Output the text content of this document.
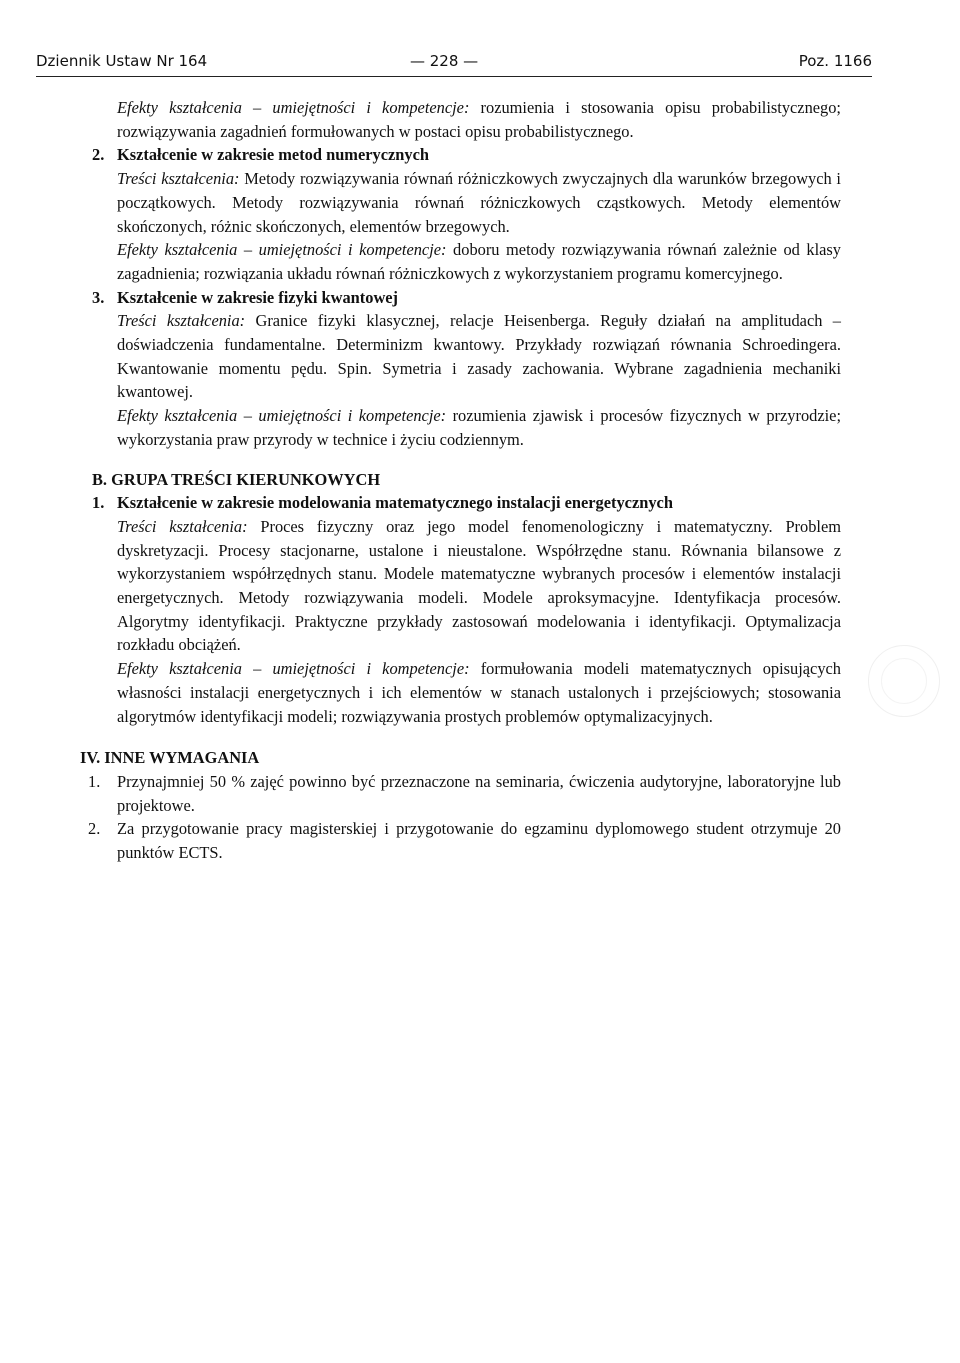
Dziennik Ustaw Nr 164	— 228 —	Poz. 1166

Efekty kształcenia – umiejętności i kompetencje: rozumienia i stosowania opisu probabilistycznego; rozwiązywania zagadnień formułowanych w postaci opisu probabilistycznego.

2. Kształcenie w zakresie metod numerycznych

Treści kształcenia: Metody rozwiązywania równań różniczkowych zwyczajnych dla warunków brzegowych i początkowych. Metody rozwiązywania równań różniczkowych cząstkowych. Metody elementów skończonych, różnic skończonych, elementów brzegowych.

Efekty kształcenia – umiejętności i kompetencje: doboru metody rozwiązywania równań zależnie od klasy zagadnienia; rozwiązania układu równań różniczkowych z wykorzystaniem programu komercyjnego.

3. Kształcenie w zakresie fizyki kwantowej

Treści kształcenia: Granice fizyki klasycznej, relacje Heisenberga. Reguły działań na amplitudach – doświadczenia fundamentalne. Determinizm kwantowy. Przykłady rozwiązań równania Schroedingera. Kwantowanie momentu pędu. Spin. Symetria i zasady zachowania. Wybrane zagadnienia mechaniki kwantowej.

Efekty kształcenia – umiejętności i kompetencje: rozumienia zjawisk i procesów fizycznych w przyrodzie; wykorzystania praw przyrody w technice i życiu codziennym.

B. GRUPA TREŚCI KIERUNKOWYCH

1. Kształcenie w zakresie modelowania matematycznego instalacji energetycznych

Treści kształcenia: Proces fizyczny oraz jego model fenomenologiczny i matematyczny. Problem dyskretyzacji. Procesy stacjonarne, ustalone i nieustalone. Współrzędne stanu. Równania bilansowe z wykorzystaniem współrzędnych stanu. Modele matematyczne wybranych procesów i elementów instalacji energetycznych. Metody rozwiązywania modeli. Modele aproksymacyjne. Identyfikacja procesów. Algorytmy identyfikacji. Praktyczne przykłady zastosowań modelowania i identyfikacji. Optymalizacja rozkładu obciążeń.

Efekty kształcenia – umiejętności i kompetencje: formułowania modeli matematycznych opisujących własności instalacji energetycznych i ich elementów w stanach ustalonych i przejściowych; stosowania algorytmów identyfikacji modeli; rozwiązywania prostych problemów optymalizacyjnych.

IV. INNE WYMAGANIA

1. Przynajmniej 50 % zajęć powinno być przeznaczone na seminaria, ćwiczenia audytoryjne, laboratoryjne lub projektowe.

2. Za przygotowanie pracy magisterskiej i przygotowanie do egzaminu dyplomowego student otrzymuje 20 punktów ECTS.
